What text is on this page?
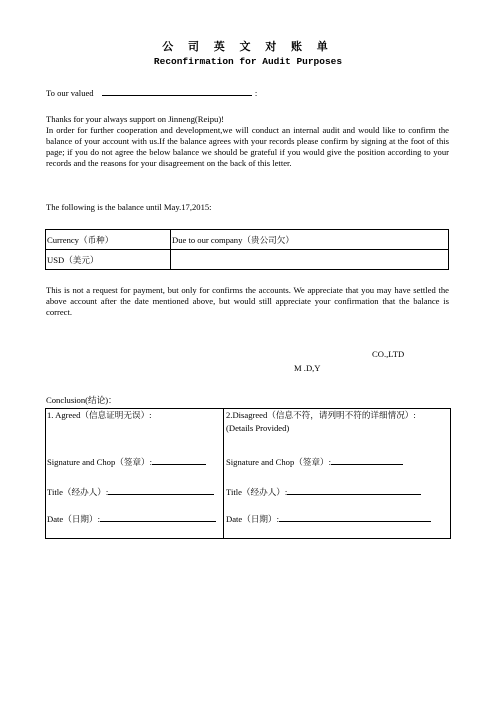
公 司 英 文 对 账 单
Reconfirmation for Audit Purposes
To our valued	:
Thanks for your always support on Jinneng(Reipu)!
In order for further cooperation and development,we will conduct an internal audit and would like to confirm the balance of your account with us.If the balance agrees with your records please confirm by signing at the foot of this page; if you do not agree the below balance we should be grateful if you would give the position according to your records and the reasons for your disagreement on the back of this letter.
The following is the balance until May.17,2015:
Currency（币种）	Due to our company（贵公司欠）
USD（美元）	
This is not a request for payment, but only for confirms the accounts. We appreciate that you may have settled the above account after the date mentioned above, but would still appreciate your confirmation that the balance is correct.
CO.,LTD
M .D,Y
Conclusion(结论)：
1. Agreed（信息证明无误）:
Signature and Chop（签章）:
Title（经办人）:
Date（日期）:
2.Disagreed（信息不符，请列明不符的详细情况）:
(Details Provided)
Signature and Chop（签章）:
Title（经办人）:
Date（日期）:
